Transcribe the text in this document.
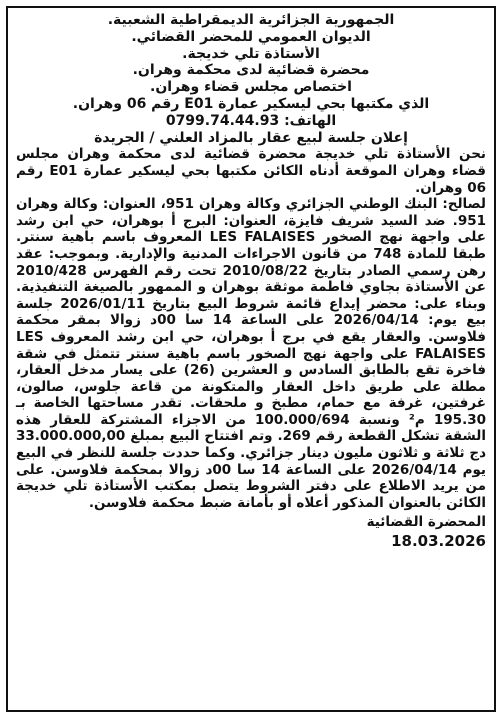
الجمهورية الجزائرية الديمقراطية الشعبية.
الديوان العمومي للمحضر القضائي.
الأستاذة تلي خديجة.
محضرة قضائية لدى محكمة وهران.
اختصاص مجلس قضاء وهران.
الذي مكتبها بحي ليسكير عمارة E01 رقم 06 وهران.
الهاتف: 0799.74.44.93
إعلان جلسة لبيع عقار بالمزاد العلني / الجريدة

نحن الأستاذة تلي خديجة محضرة قضائية لدى محكمة وهران مجلس قضاء وهران الموقعة أدناه الكائن مكتبها بحي ليسكير عمارة E01 رقم 06 وهران.

لصالح: البنك الوطني الجزائري وكالة وهران 951، العنوان: وكالة وهران 951. ضد السيد شريف فايزة، العنوان: البرج أ بوهران، حي ابن رشد على واجهة نهج الصخور LES FALAISES المعروف باسم باهية سنتر. طبقا للمادة 748 من قانون الاجراءات المدنية والإدارية. وبموجب: عقد رهن رسمي الصادر بتاريخ 2010/08/22 تحت رقم الفهرس 2010/428 عن الأستاذة بجاوي فاطمة موثقة بوهران و الممهور بالصيغة التنفيذية. وبناء على: محضر إيداع قائمة شروط البيع بتاريخ 2026/01/11 جلسة بيع يوم: 2026/04/14 على الساعة 14 سا 00د زوالا بمقر محكمة فلاوسن. والعقار يقع في برج أ بوهران، حي ابن رشد المعروف LES FALAISES على واجهة نهج الصخور باسم باهية سنتر تتمثل في شقة فاخرة تقع بالطابق السادس و العشرين (26) على يسار مدخل العقار، مطلة على طريق داخل العقار والمتكونة من قاعة جلوس، صالون، غرفتين، غرفة مع حمام، مطبخ و ملحقات. تقدر مساحتها الخاصة بـ 195.30 م² ونسبة 100.000/694 من الاجزاء المشتركة للعقار هذه الشقة تشكل القطعة رقم 269. وتم افتتاح البيع بمبلغ 33.000.000,00 دج ثلاثة و ثلاثون مليون دينار جزائري. وكما حددت جلسة للنظر في البيع يوم 2026/04/14 على الساعة 14 سا 00د زوالا بمحكمة فلاوسن. على من يريد الاطلاع على دفتر الشروط يتصل بمكتب الأستاذة تلي خديجة الكائن بالعنوان المذكور أعلاه أو بأمانة ضبط محكمة فلاوسن.

المحضرة القضائية
18.03.2026
